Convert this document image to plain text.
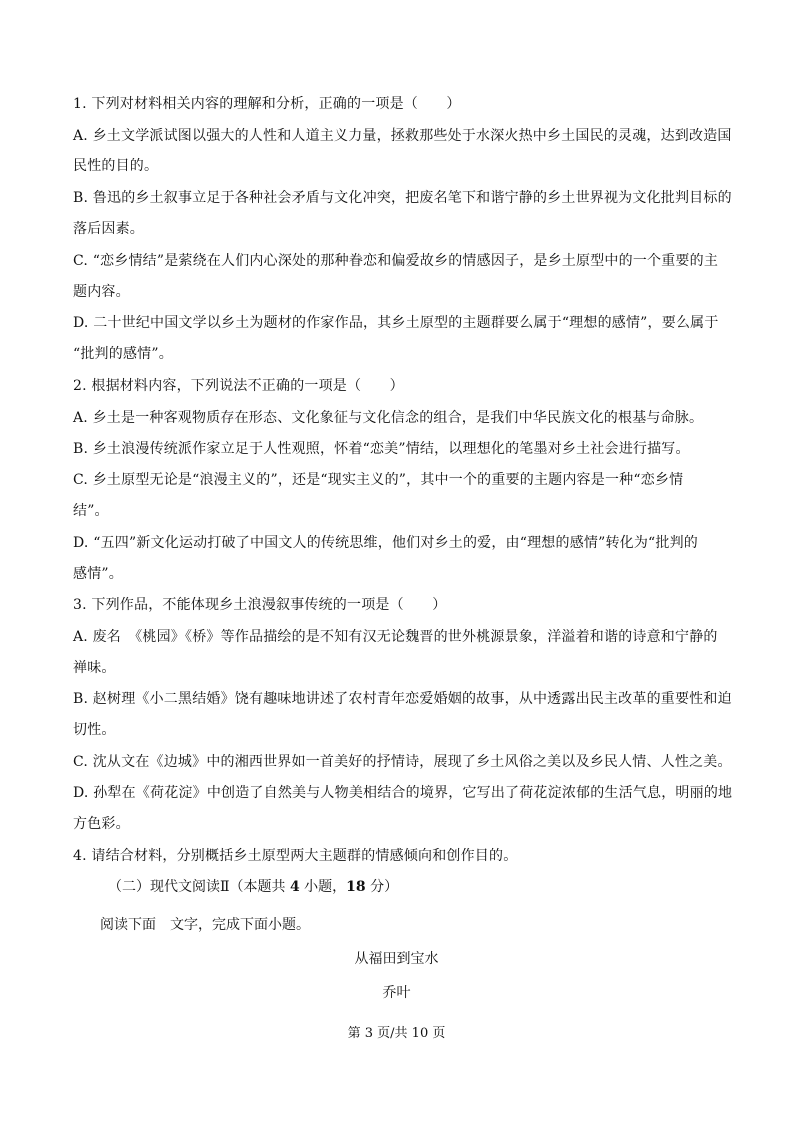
1. 下列对材料相关内容的理解和分析，正确的一项是（　　）
A. 乡土文学派试图以强大的人性和人道主义力量，拯救那些处于水深火热中乡土国民的灵魂，达到改造国
民性的目的。
B. 鲁迅的乡土叙事立足于各种社会矛盾与文化冲突，把废名笔下和谐宁静的乡土世界视为文化批判目标的
落后因素。
C. “恋乡情结”是萦绕在人们内心深处的那种眷恋和偏爱故乡的情感因子，是乡土原型中的一个重要的主
题内容。
D. 二十世纪中国文学以乡土为题材的作家作品，其乡土原型的主题群要么属于“理想的感情”，要么属于
“批判的感情”。
2. 根据材料内容，下列说法不正确的一项是（　　）
A. 乡土是一种客观物质存在形态、文化象征与文化信念的组合，是我们中华民族文化的根基与命脉。
B. 乡土浪漫传统派作家立足于人性观照，怀着“恋美”情结，以理想化的笔墨对乡土社会进行描写。
C. 乡土原型无论是“浪漫主义的”，还是“现实主义的”，其中一个的重要的主题内容是一种“恋乡情
结”。
D. “五四”新文化运动打破了中国文人的传统思维，他们对乡土的爱，由“理想的感情”转化为“批判的
感情”。
3. 下列作品，不能体现乡土浪漫叙事传统的一项是（　　）
A. 废名　《桃园》《桥》等作品描绘的是不知有汉无论魏晋的世外桃源景象，洋溢着和谐的诗意和宁静的
禅味。
B. 赵树理《小二黑结婚》饶有趣味地讲述了农村青年恋爱婚姻的故事，从中透露出民主改革的重要性和迫
切性。
C. 沈从文在《边城》中的湘西世界如一首美好的抒情诗，展现了乡土风俗之美以及乡民人情、人性之美。
D. 孙犁在《荷花淀》中创造了自然美与人物美相结合的境界，它写出了荷花淀浓郁的生活气息，明丽的地
方色彩。
4. 请结合材料，分别概括乡土原型两大主题群的情感倾向和创作目的。
（二）现代文阅读Ⅱ（本题共 4 小题，18 分）
阅读下面　文字，完成下面小题。
从福田到宝水
乔叶
第 3 页/共 10 页
